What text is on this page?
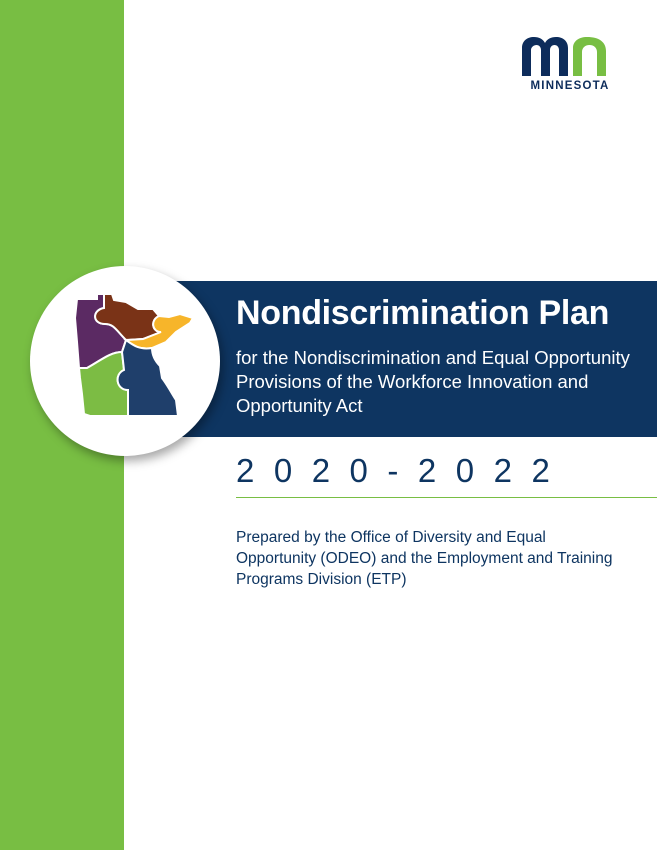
MINNESOTA
Nondiscrimination Plan

for the Nondiscrimination and Equal Opportunity Provisions of the Workforce Innovation and Opportunity Act

2020-2022

Prepared by the Office of Diversity and Equal Opportunity (ODEO) and the Employment and Training Programs Division (ETP)
